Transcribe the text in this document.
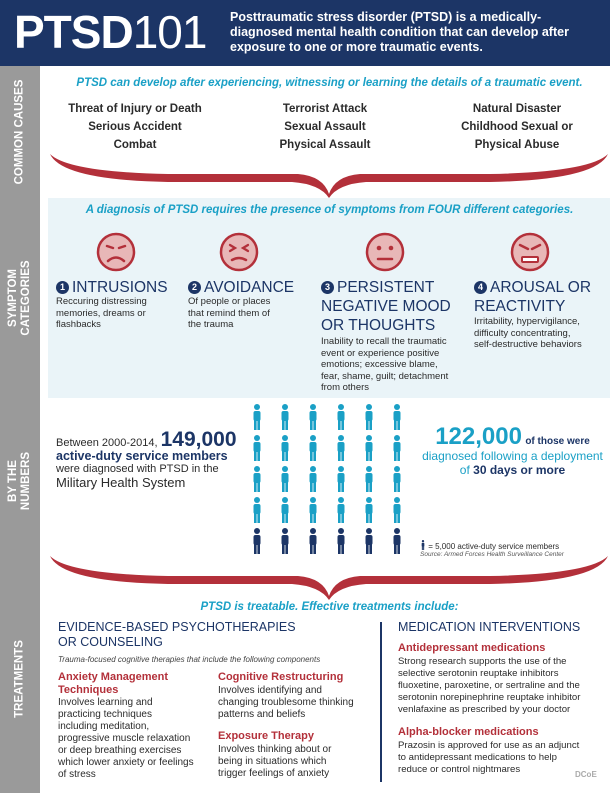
PTSD101 Posttraumatic stress disorder (PTSD) is a medically-diagnosed mental health condition that can develop after exposure to one or more traumatic events.
COMMON CAUSES
SYMPTOM
CATEGORIES
BY THE
NUMBERS
TREATMENTS
PTSD can develop after experiencing, witnessing or learning the details of a traumatic event.
Threat of Injury or Death
Serious Accident
Combat
Terrorist Attack
Sexual Assault
Physical Assault
Natural Disaster
Childhood Sexual or
Physical Abuse
A diagnosis of PTSD requires the presence of symptoms from FOUR different categories.
1 INTRUSIONS
Reccuring distressing
memories, dreams or
flashbacks
2 AVOIDANCE
Of people or places
that remind them of
the trauma
3 PERSISTENT
NEGATIVE MOOD
OR THOUGHTS
Inability to recall the traumatic
event or experience positive
emotions; excessive blame,
fear, shame, guilt; detachment
from others
4 AROUSAL OR
REACTIVITY
Irritability, hypervigilance,
difficulty concentrating,
self-destructive behaviors
Between 2000-2014, 149,000
active-duty service members
were diagnosed with PTSD in the
Military Health System
122,000 of those were
diagnosed following a deployment
of 30 days or more
= 5,000 active-duty service members
Source: Armed Forces Health Surveillance Center
PTSD is treatable. Effective treatments include:
EVIDENCE-BASED PSYCHOTHERAPIES
OR COUNSELING
Trauma-focused cognitive therapies that include the following components
Anxiety Management
Techniques
Involves learning and
practicing techniques
including meditation,
progressive muscle relaxation
or deep breathing exercises
which lower anxiety or feelings
of stress
Cognitive Restructuring
Involves identifying and
changing troublesome thinking
patterns and beliefs
Exposure Therapy
Involves thinking about or
being in situations which
trigger feelings of anxiety
MEDICATION INTERVENTIONS
Antidepressant medications
Strong research supports the use of the
selective serotonin reuptake inhibitors
fluoxetine, paroxetine, or sertraline and the
serotonin norepinephrine reuptake inhibitor
venlafaxine as prescribed by your doctor
Alpha-blocker medications
Prazosin is approved for use as an adjunct
to antidepressant medications to help
reduce or control nightmares	DCoE
